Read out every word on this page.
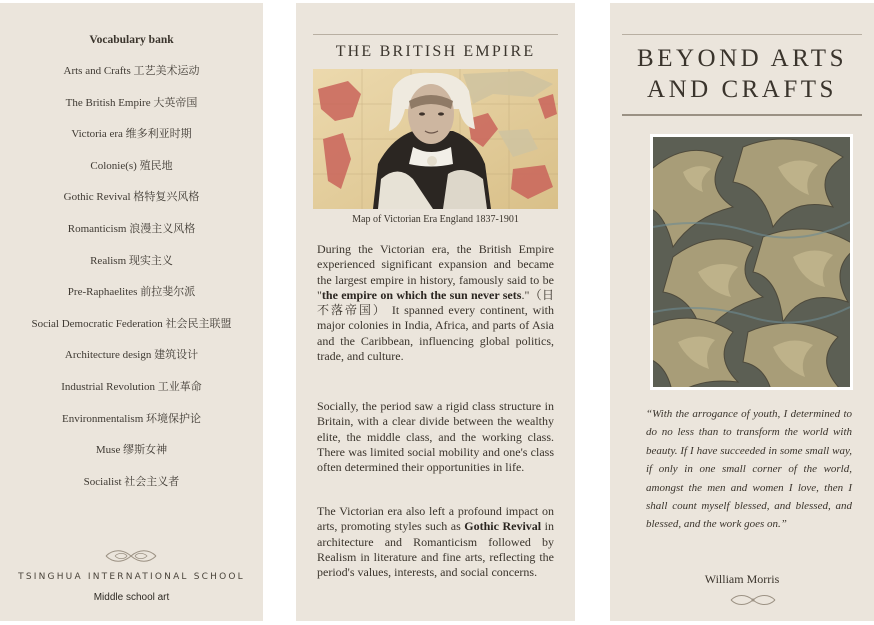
Vocabulary bank
Arts and Crafts 工艺美术运动
The British Empire 大英帝国
Victoria era 维多利亚时期
Colonie(s) 殖民地
Gothic Revival 格特复兴风格
Romanticism 浪漫主义风格
Realism 现实主义
Pre-Raphaelites 前拉斐尔派
Social Democratic Federation 社会民主联盟
Architecture design 建筑设计
Industrial Revolution 工业革命
Environmentalism 环境保护论
Muse 缪斯女神
Socialist 社会主义者
TSINGHUA INTERNATIONAL SCHOOL
Middle school art
THE BRITISH EMPIRE
Map of Victorian Era England 1837-1901

During the Victorian era, the British Empire experienced significant expansion and became the largest empire in history, famously said to be "the empire on which the sun never sets."（日不落帝国） It spanned every continent, with major colonies in India, Africa, and parts of Asia and the Caribbean, influencing global politics, trade, and culture.

Socially, the period saw a rigid class structure in Britain, with a clear divide between the wealthy elite, the middle class, and the working class. There was limited social mobility and one's class often determined their opportunities in life.

The Victorian era also left a profound impact on arts, promoting styles such as Gothic Revival in architecture and Romanticism followed by Realism in literature and fine arts, reflecting the period's values, interests, and social concerns.

BEYOND ARTS
AND CRAFTS

“With the arrogance of youth, I determined to do no less than to transform the world with beauty. If I have succeeded in some small way, if only in one small corner of the world, amongst the men and women I love, then I shall count myself blessed, and blessed, and blessed, and the work goes on.”

William Morris
